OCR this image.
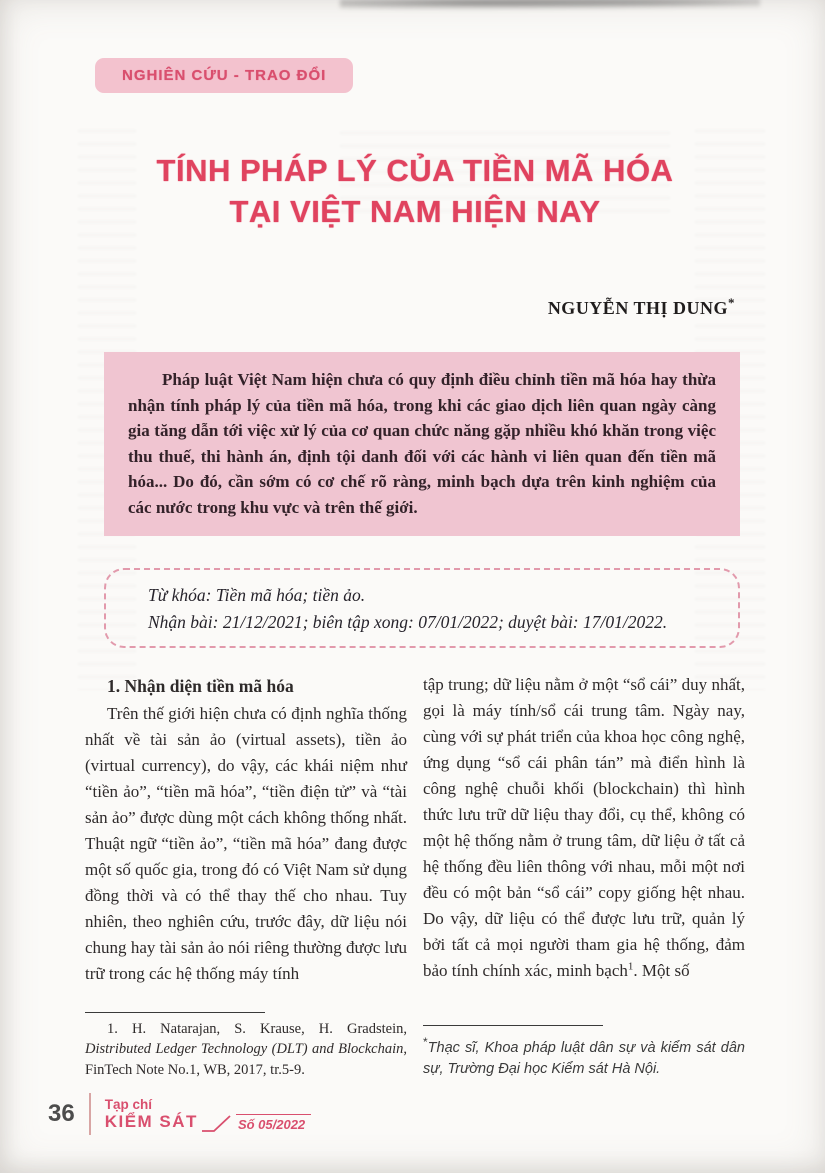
NGHIÊN CỨU - TRAO ĐỔI
TÍNH PHÁP LÝ CỦA TIỀN MÃ HÓA
TẠI VIỆT NAM HIỆN NAY
NGUYỄN THỊ DUNG*

Pháp luật Việt Nam hiện chưa có quy định điều chỉnh tiền mã hóa hay thừa nhận tính pháp lý của tiền mã hóa, trong khi các giao dịch liên quan ngày càng gia tăng dẫn tới việc xử lý của cơ quan chức năng gặp nhiều khó khăn trong việc thu thuế, thi hành án, định tội danh đối với các hành vi liên quan đến tiền mã hóa... Do đó, cần sớm có cơ chế rõ ràng, minh bạch dựa trên kinh nghiệm của các nước trong khu vực và trên thế giới.

Từ khóa: Tiền mã hóa; tiền ảo.
Nhận bài: 21/12/2021; biên tập xong: 07/01/2022; duyệt bài: 17/01/2022.
1. Nhận diện tiền mã hóa

Trên thế giới hiện chưa có định nghĩa thống nhất về tài sản ảo (virtual assets), tiền ảo (virtual currency), do vậy, các khái niệm như “tiền ảo”, “tiền mã hóa”, “tiền điện tử” và “tài sản ảo” được dùng một cách không thống nhất. Thuật ngữ “tiền ảo”, “tiền mã hóa” đang được một số quốc gia, trong đó có Việt Nam sử dụng đồng thời và có thể thay thế cho nhau. Tuy nhiên, theo nghiên cứu, trước đây, dữ liệu nói chung hay tài sản ảo nói riêng thường được lưu trữ trong các hệ thống máy tính

1. H. Natarajan, S. Krause, H. Gradstein, Distributed Ledger Technology (DLT) and Blockchain, FinTech Note No.1, WB, 2017, tr.5-9.

tập trung; dữ liệu nằm ở một “sổ cái” duy nhất, gọi là máy tính/sổ cái trung tâm. Ngày nay, cùng với sự phát triển của khoa học công nghệ, ứng dụng “sổ cái phân tán” mà điển hình là công nghệ chuỗi khối (blockchain) thì hình thức lưu trữ dữ liệu thay đổi, cụ thể, không có một hệ thống nằm ở trung tâm, dữ liệu ở tất cả hệ thống đều liên thông với nhau, mỗi một nơi đều có một bản “sổ cái” copy giống hệt nhau. Do vậy, dữ liệu có thể được lưu trữ, quản lý bởi tất cả mọi người tham gia hệ thống, đảm bảo tính chính xác, minh bạch$^1$. Một số

*Thạc sĩ, Khoa pháp luật dân sự và kiểm sát dân sự, Trường Đại học Kiểm sát Hà Nội.

36 Tạp chí
KIỂM SÁT	Số 05/2022
